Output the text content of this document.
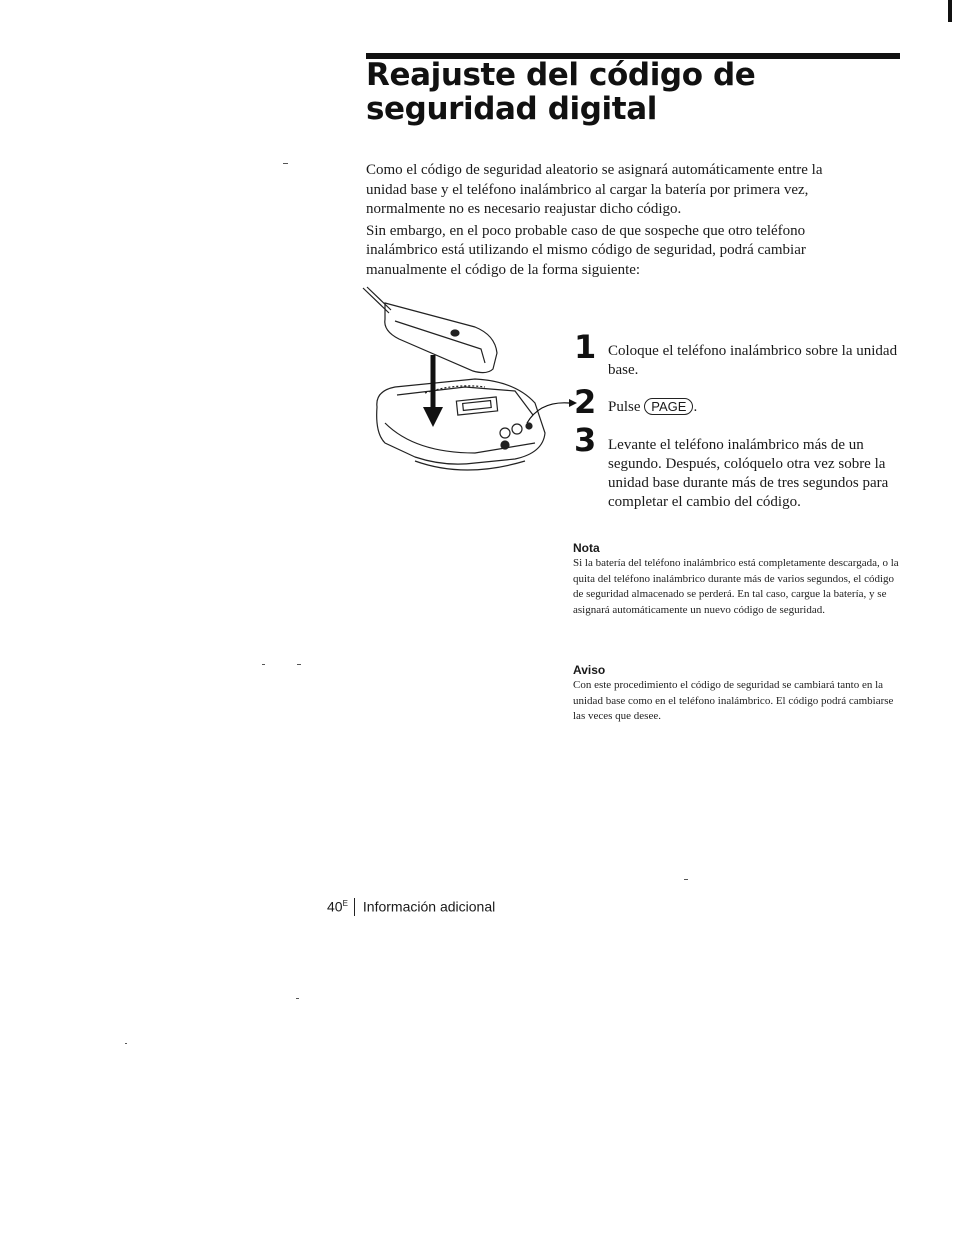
Reajuste del código de seguridad digital

Como el código de seguridad aleatorio se asignará automáticamente entre la unidad base y el teléfono inalámbrico al cargar la batería por primera vez, normalmente no es necesario reajustar dicho código.

Sin embargo, en el poco probable caso de que sospeche que otro teléfono inalámbrico está utilizando el mismo código de seguridad, podrá cambiar manualmente el código de la forma siguiente:

1 Coloque el teléfono inalámbrico sobre la unidad base.
2 Pulse PAGE .
3 Levante el teléfono inalámbrico más de un segundo. Después, colóquelo otra vez sobre la unidad base durante más de tres segundos para completar el cambio del código.
Nota
Si la batería del teléfono inalámbrico está completamente descargada, o la quita del teléfono inalámbrico durante más de varios segundos, el código de seguridad almacenado se perderá. En tal caso, cargue la batería, y se asignará automáticamente un nuevo código de seguridad.
Aviso
Con este procedimiento el código de seguridad se cambiará tanto en la unidad base como en el teléfono inalámbrico. El código podrá cambiarse las veces que desee.
$40^E$ Información adicional
